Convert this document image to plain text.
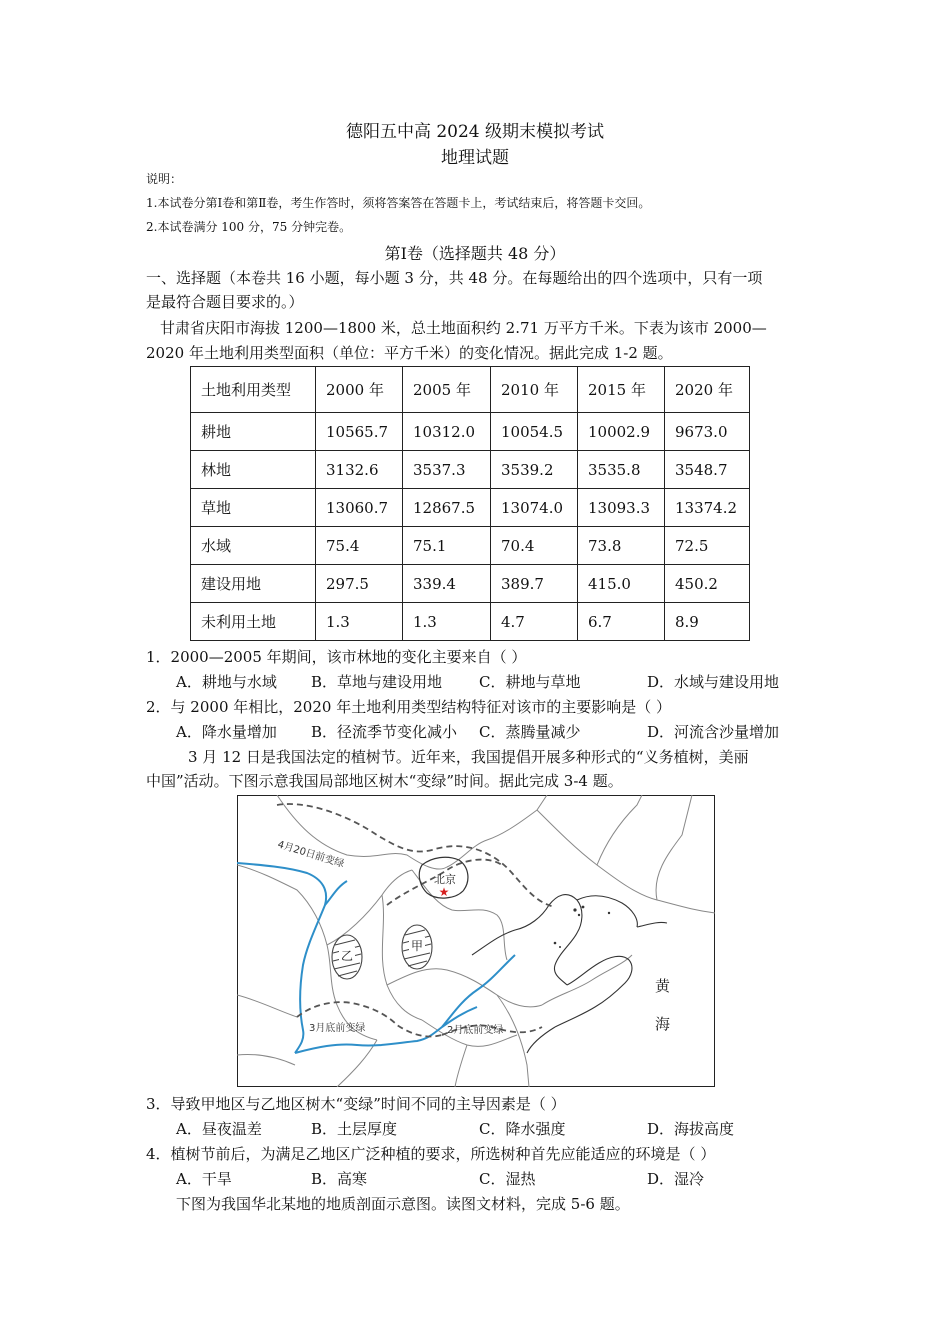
德阳五中高 2024 级期末模拟考试
地理试题
说明：
1.本试卷分第Ⅰ卷和第Ⅱ卷，考生作答时，须将答案答在答题卡上，考试结束后，将答题卡交回。
2.本试卷满分 100 分，75 分钟完卷。
第Ⅰ卷（选择题共 48 分）
一、选择题（本卷共 16 小题，每小题 3 分，共 48 分。在每题给出的四个选项中，只有一项
是最符合题目要求的。）
甘肃省庆阳市海拔 1200—1800 米，总土地面积约 2.71 万平方千米。下表为该市 2000—
2020 年土地利用类型面积（单位：平方千米）的变化情况。据此完成 1-2 题。
土地利用类型	2000 年	2005 年	2010 年	2015 年	2020 年
耕地	10565.7	10312.0	10054.5	10002.9	9673.0
林地	3132.6	3537.3	3539.2	3535.8	3548.7
草地	13060.7	12867.5	13074.0	13093.3	13374.2
水域	75.4	75.1	70.4	73.8	72.5
建设用地	297.5	339.4	389.7	415.0	450.2
未利用土地	1.3	1.3	4.7	6.7	8.9
1．2000—2005 年期间，该市林地的变化主要来自（ ）
A．耕地与水域 B．草地与建设用地 C．耕地与草地	D．水域与建设用地
2．与 2000 年相比，2020 年土地利用类型结构特征对该市的主要影响是（ ）
A．降水量增加 B．径流季节变化减小 C．蒸腾量减少	D．河流含沙量增加
3 月 12 日是我国法定的植树节。近年来，我国提倡开展多种形式的“义务植树，美丽
中国”活动。下图示意我国局部地区树木“变绿”时间。据此完成 3-4 题。
甲
乙
北京
★
4月20日前变绿
3月底前变绿	2月底前变绿
黄
海
3．导致甲地区与乙地区树木“变绿”时间不同的主导因素是（ ）
A．昼夜温差	B．土层厚度	C．降水强度	D．海拔高度
4．植树节前后，为满足乙地区广泛种植的要求，所选树种首先应能适应的环境是（ ）
A．干旱	B．高寒	C．湿热	D．湿冷
下图为我国华北某地的地质剖面示意图。读图文材料，完成 5-6 题。
